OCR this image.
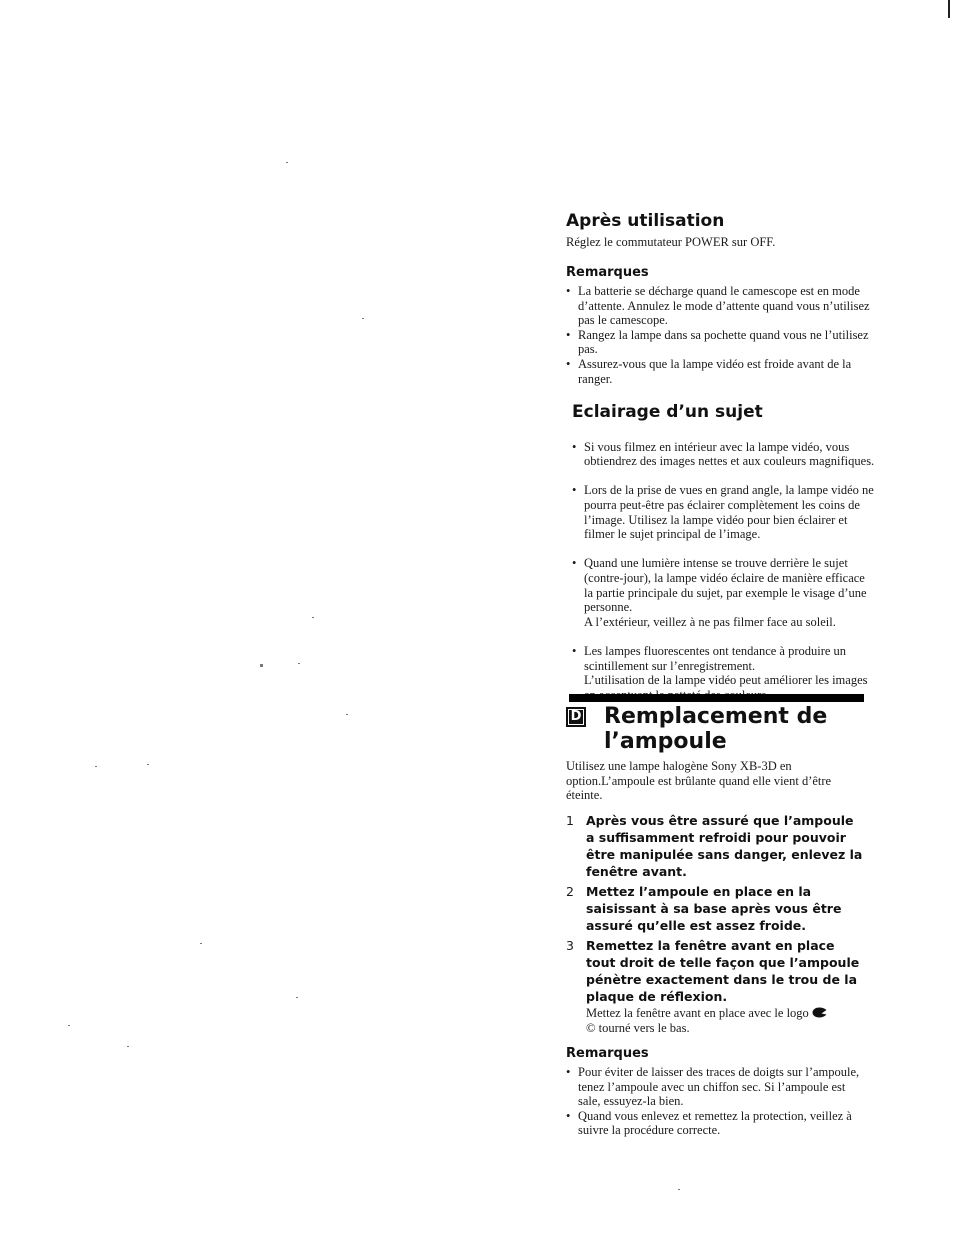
Après utilisation

Réglez le commutateur POWER sur OFF.

Remarques
• La batterie se décharge quand le camescope est en mode d’attente. Annulez le mode d’attente quand vous n’utilisez pas le camescope.
• Rangez la lampe dans sa pochette quand vous ne l’utilisez pas.
• Assurez-vous que la lampe vidéo est froide avant de la ranger.
Eclairage d’un sujet

• Si vous filmez en intérieur avec la lampe vidéo, vous obtiendrez des images nettes et aux couleurs magnifiques.

• Lors de la prise de vues en grand angle, la lampe vidéo ne pourra peut-être pas éclairer complètement les coins de l’image. Utilisez la lampe vidéo pour bien éclairer et filmer le sujet principal de l’image.

• Quand une lumière intense se trouve derrière le sujet (contre-jour), la lampe vidéo éclaire de manière efficace la partie principale du sujet, par exemple le visage d’une personne.
A l’extérieur, veillez à ne pas filmer face au soleil.

• Les lampes fluorescentes ont tendance à produire un scintillement sur l’enregistrement.
L’utilisation de la lampe vidéo peut améliorer les images

D Remplacement de
l’ampoule

Utilisez une lampe halogène Sony XB-3D en option.L’ampoule est brûlante quand elle vient d’être éteinte.

1 Après vous être assuré que l’ampoule a suffisamment refroidi pour pouvoir être manipulée sans danger, enlevez la fenêtre avant.
2 Mettez l’ampoule en place en la saisissant à sa base après vous être assuré qu’elle est assez froide.
3 Remettez la fenêtre avant en place tout droit de telle façon que l’ampoule pénètre exactement dans le trou de la plaque de réflexion.
Mettez la fenêtre avant en place avec le logo
© tourné vers le bas.
Remarques
• Pour éviter de laisser des traces de doigts sur l’ampoule, tenez l’ampoule avec un chiffon sec. Si l’ampoule est sale, essuyez-la bien.
• Quand vous enlevez et remettez la protection, veillez à suivre la procédure correcte.
